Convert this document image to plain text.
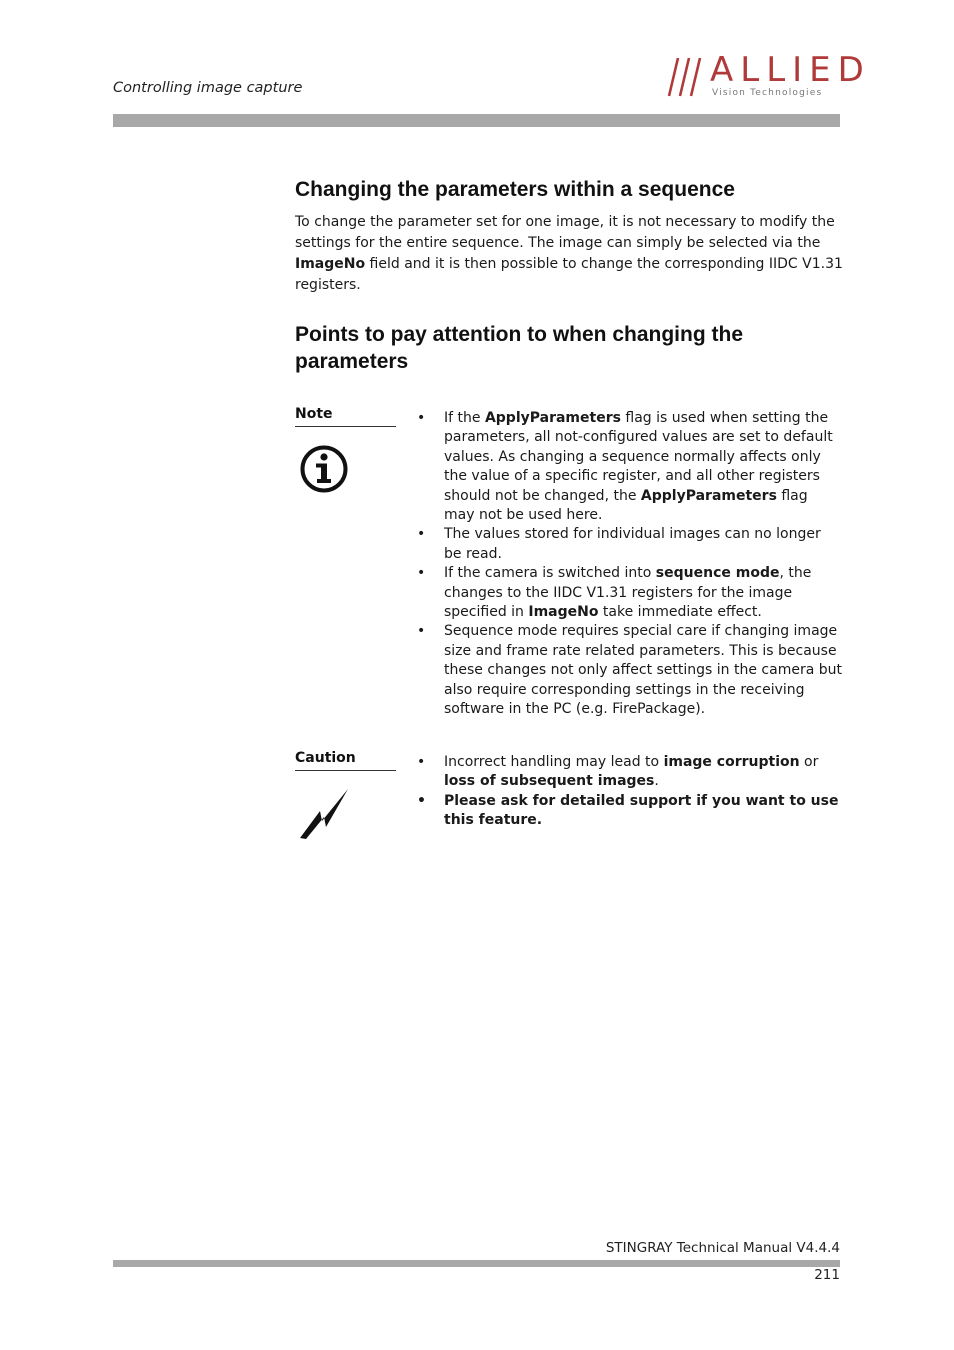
Controlling image capture	ALLIED
Vision Technologies
Changing the parameters within a sequence
To change the parameter set for one image, it is not necessary to modify the settings for the entire sequence. The image can simply be selected via the ImageNo field and it is then possible to change the corresponding IIDC V1.31 registers.
Points to pay attention to when changing the parameters
Note	• If the ApplyParameters flag is used when setting the parameters, all not-configured values are set to default values. As changing a sequence normally affects only the value of a specific register, and all other registers should not be changed, the ApplyParameters flag may not be used here.
• The values stored for individual images can no longer be read.
• If the camera is switched into sequence mode, the changes to the IIDC V1.31 registers for the image specified in ImageNo take immediate effect.
• Sequence mode requires special care if changing image size and frame rate related parameters. This is because these changes not only affect settings in the camera but also require corresponding settings in the receiving software in the PC (e.g. FirePackage).
Caution	• Incorrect handling may lead to image corruption or loss of subsequent images.
• Please ask for detailed support if you want to use this feature.
STINGRAY Technical Manual V4.4.4
211
